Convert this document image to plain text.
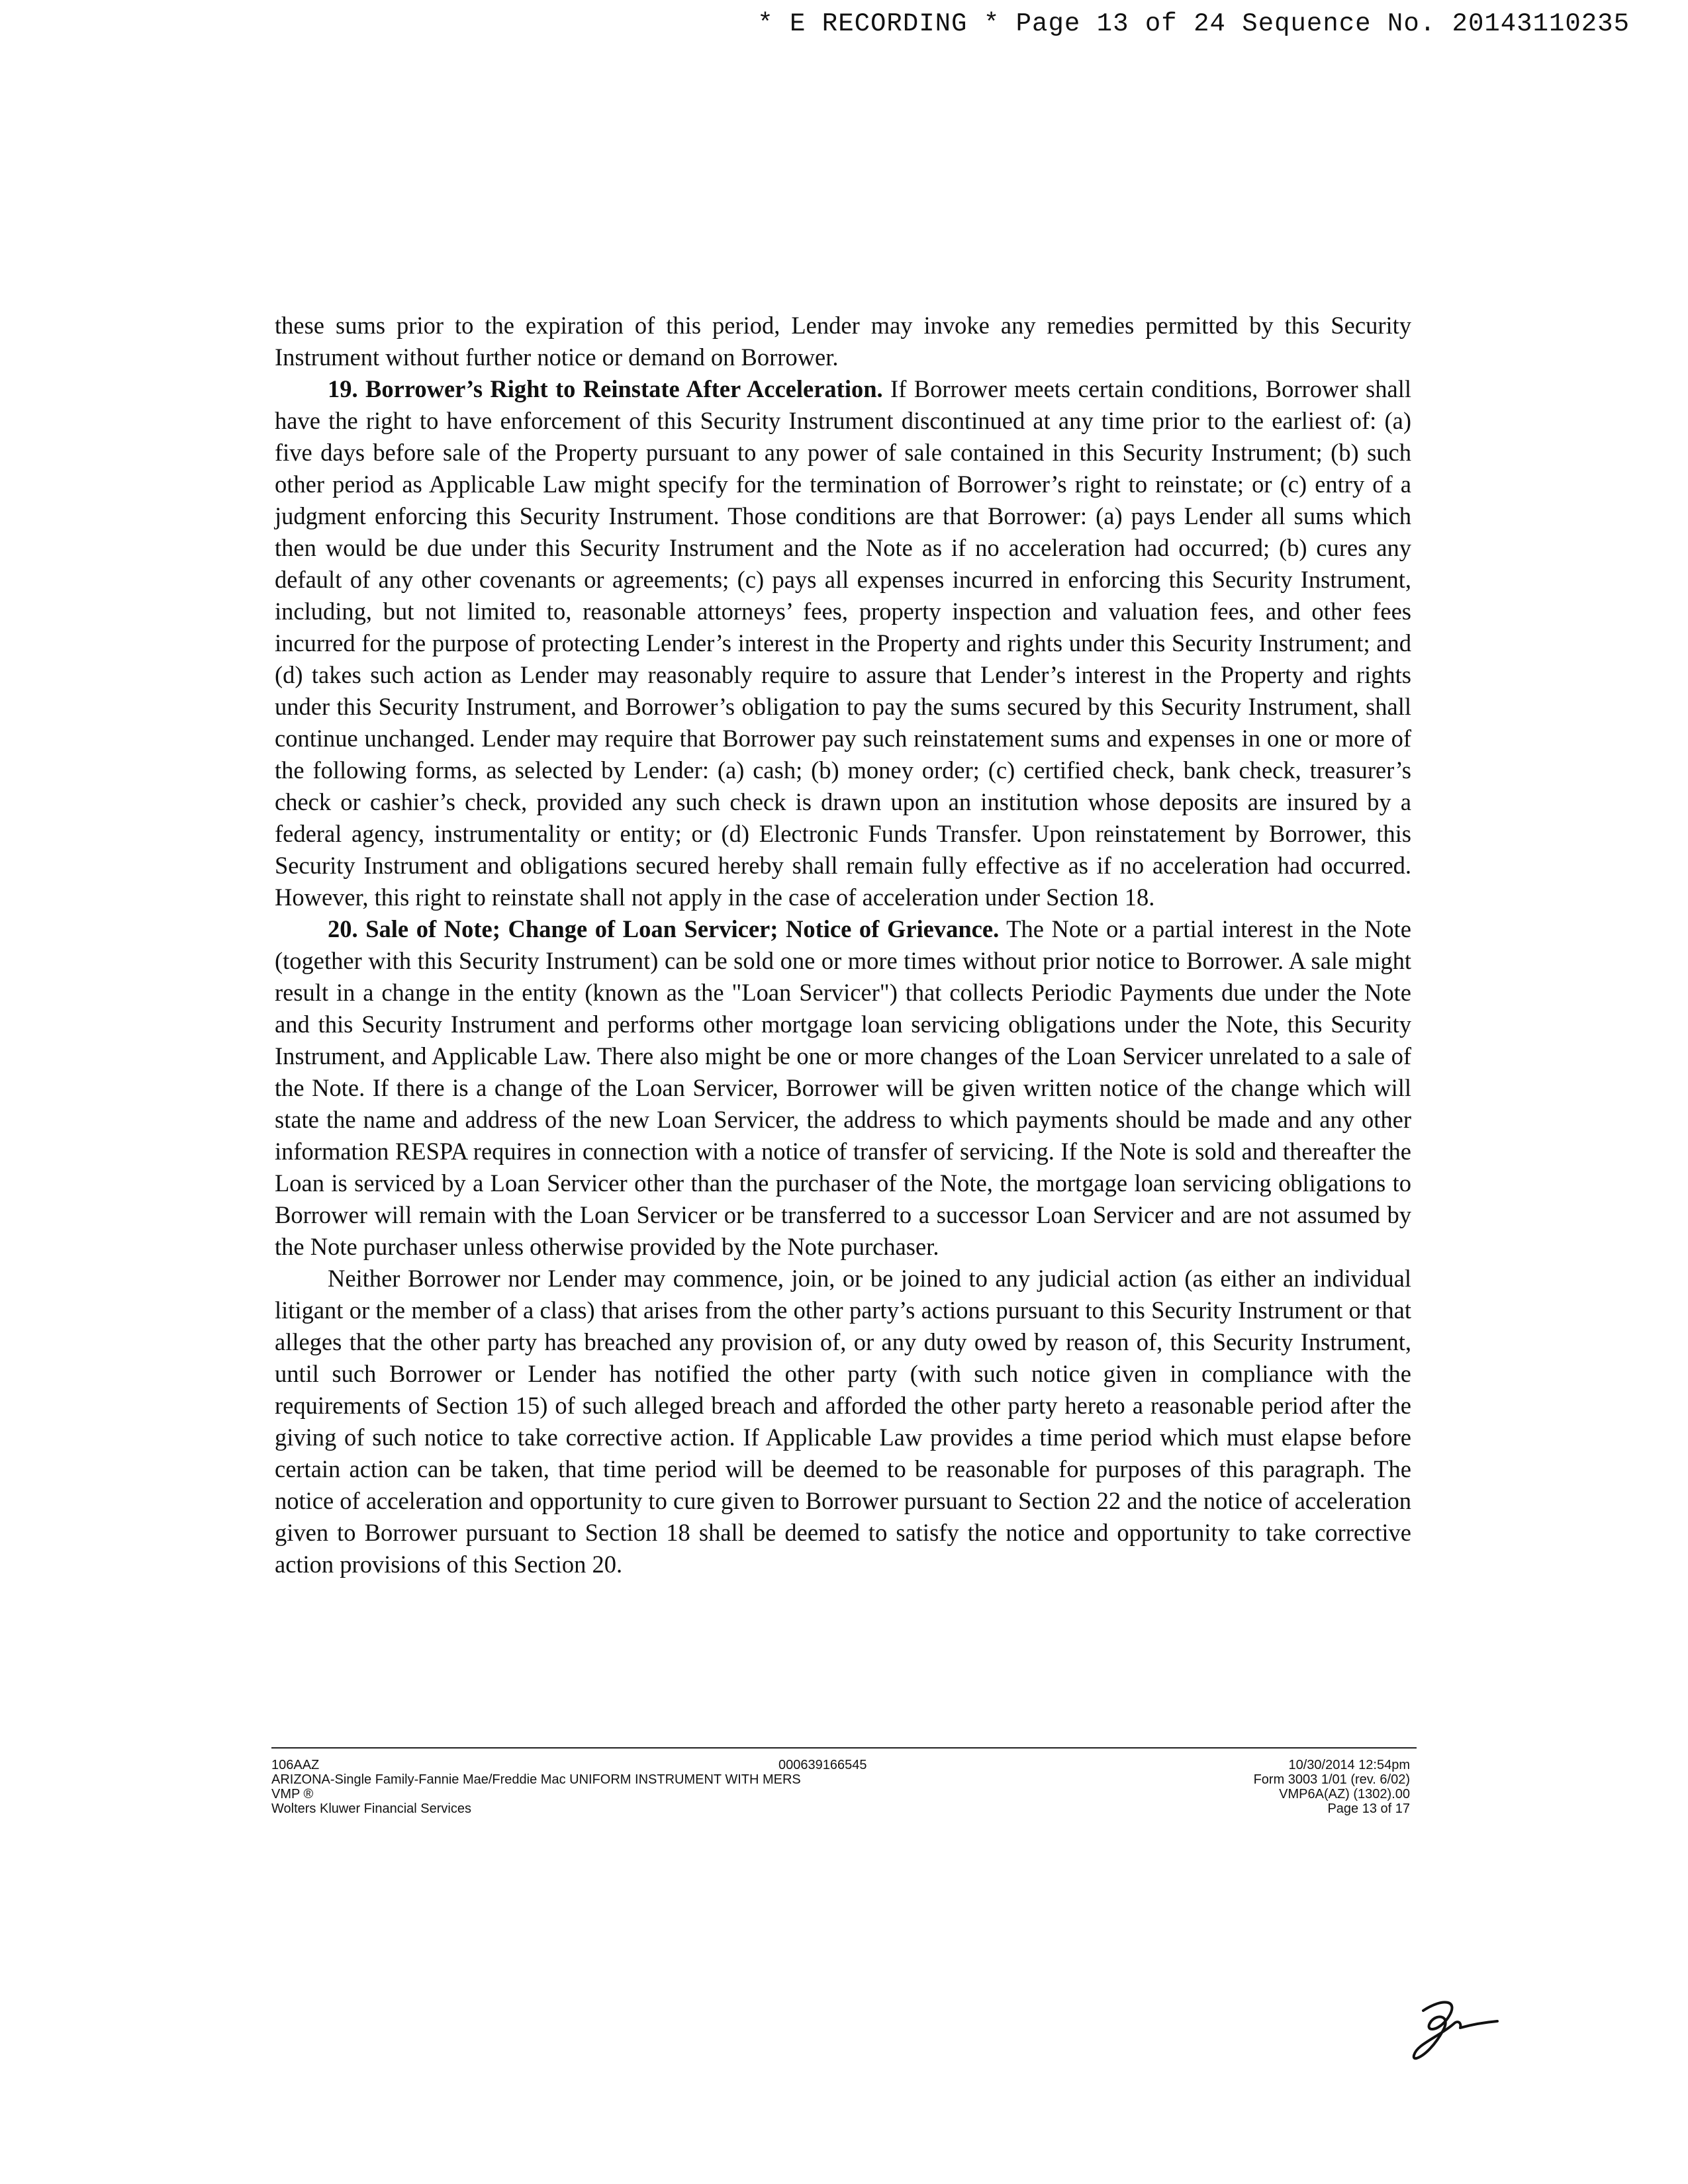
* E RECORDING * Page 13 of 24 Sequence No. 20143110235

these sums prior to the expiration of this period, Lender may invoke any remedies permitted by this Security Instrument without further notice or demand on Borrower.

19. Borrower’s Right to Reinstate After Acceleration. If Borrower meets certain conditions, Borrower shall have the right to have enforcement of this Security Instrument discontinued at any time prior to the earliest of: (a) five days before sale of the Property pursuant to any power of sale contained in this Security Instrument; (b) such other period as Applicable Law might specify for the termination of Borrower’s right to reinstate; or (c) entry of a judgment enforcing this Security Instrument. Those conditions are that Borrower: (a) pays Lender all sums which then would be due under this Security Instrument and the Note as if no acceleration had occurred; (b) cures any default of any other covenants or agreements; (c) pays all expenses incurred in enforcing this Security Instrument, including, but not limited to, reasonable attorneys’ fees, property inspection and valuation fees, and other fees incurred for the purpose of protecting Lender’s interest in the Property and rights under this Security Instrument; and (d) takes such action as Lender may reasonably require to assure that Lender’s interest in the Property and rights under this Security Instrument, and Borrower’s obligation to pay the sums secured by this Security Instrument, shall continue unchanged. Lender may require that Borrower pay such reinstatement sums and expenses in one or more of the following forms, as selected by Lender: (a) cash; (b) money order; (c) certified check, bank check, treasurer’s check or cashier’s check, provided any such check is drawn upon an institution whose deposits are insured by a federal agency, instrumentality or entity; or (d) Electronic Funds Transfer. Upon reinstatement by Borrower, this Security Instrument and obligations secured hereby shall remain fully effective as if no acceleration had occurred. However, this right to reinstate shall not apply in the case of acceleration under Section 18.

20. Sale of Note; Change of Loan Servicer; Notice of Grievance. The Note or a partial interest in the Note (together with this Security Instrument) can be sold one or more times without prior notice to Borrower. A sale might result in a change in the entity (known as the "Loan Servicer") that collects Periodic Payments due under the Note and this Security Instrument and performs other mortgage loan servicing obligations under the Note, this Security Instrument, and Applicable Law. There also might be one or more changes of the Loan Servicer unrelated to a sale of the Note. If there is a change of the Loan Servicer, Borrower will be given written notice of the change which will state the name and address of the new Loan Servicer, the address to which payments should be made and any other information RESPA requires in connection with a notice of transfer of servicing. If the Note is sold and thereafter the Loan is serviced by a Loan Servicer other than the purchaser of the Note, the mortgage loan servicing obligations to Borrower will remain with the Loan Servicer or be transferred to a successor Loan Servicer and are not assumed by the Note purchaser unless otherwise provided by the Note purchaser.

Neither Borrower nor Lender may commence, join, or be joined to any judicial action (as either an individual litigant or the member of a class) that arises from the other party’s actions pursuant to this Security Instrument or that alleges that the other party has breached any provision of, or any duty owed by reason of, this Security Instrument, until such Borrower or Lender has notified the other party (with such notice given in compliance with the requirements of Section 15) of such alleged breach and afforded the other party hereto a reasonable period after the giving of such notice to take corrective action. If Applicable Law provides a time period which must elapse before certain action can be taken, that time period will be deemed to be reasonable for purposes of this paragraph. The notice of acceleration and opportunity to cure given to Borrower pursuant to Section 22 and the notice of acceleration given to Borrower pursuant to Section 18 shall be deemed to satisfy the notice and opportunity to take corrective action provisions of this Section 20.

106AAZ
ARIZONA-Single Family-Fannie Mae/Freddie Mac UNIFORM INSTRUMENT WITH MERS
VMP ®
Wolters Kluwer Financial Services
000639166545	10/30/2014 12:54pm
Form 3003 1/01 (rev. 6/02)
VMP6A(AZ) (1302).00
Page 13 of 17
